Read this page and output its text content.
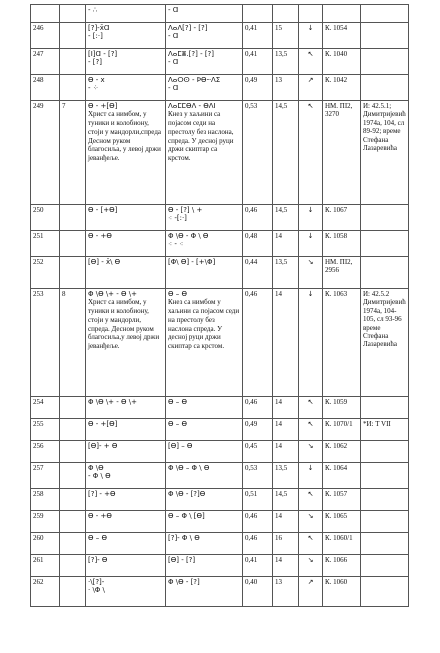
		- ∴	- Ɑ					

246		[?]-x̄Ɑ
- [:·]	ⴷⴰⴷ[?] - [?]
- Ɑ	0,41	15	↓	К. 1054	
247		[ⵏ]Ɑ - [?]
- [?]	ⴷⴰⵎⴻ.[?] - [?]
- Ɑ	0,41	13,5	↖	К. 1040	
248		ϴ - x
- ⁘	ⴷⴰⵔⵙ - ϷϴⵈΛⵉ
- Ɑ	0,49	13	↗	К. 1042	
249	7	ϴ - +[ϴ]
Христ са нимбом, у туники и колобиону, стоји у мандорли,спреда Десном руком благосиља, у левој држи јеванђеље.	ⴷⴰⵎⵎϴⴷ - ϴⴷⵏ
Кнез у хаљини са појасом седи на престолу без наслона, спреда. У десној руци држи скиптар са крстом.	0,53	14,5	↖	НМ. ПI2, 3270	И: 42.5.1; Димитријевић 1974а, 104, сл 89-92; време Стефана Лазаревића
250		ϴ - [+ϴ]	ϴ - [?] \ +
⁖ -[:·]	0,46	14,5	↓	К. 1067	
251		ϴ - +ϴ	Φ \ϴ - Φ \ ϴ
⁖ - ⁖	0,48	14	↓	К. 1058	
252		[ϴ] - x̄\ ϴ	[Φ\ ϴ] - [+\Φ]	0,44	13,5	↘	НМ. ПI2, 2956	
253	8	Φ \ϴ \+ - ϴ \+
Христ са нимбом, у туники и колобиону, стоји у мандорли, спреда. Десном руком благосиља,у левој држи јеванђеље.	ϴ – ϴ
Кнез са нимбом у хаљини са појасом седи на престолу без наслона спреда. У десној руци држи скиптар са крстом.	0,46	14	↓	К. 1063	И: 42.5.2 Димитријевић 1974а, 104-105, сл 93-96 време Стефана Лазаревића
254		Φ \ϴ \+ - ϴ \+	ϴ – ϴ	0,46	14	↖	К. 1059	
255		ϴ - +[ϴ]	ϴ – ϴ	0,49	14	↖	К. 1070/1	*И: T VII
256		[ϴ]- + ϴ	[ϴ] – ϴ	0,45	14	↘	К. 1062	
257		Φ \ϴ
- Φ \ ϴ	Φ \ϴ – Φ \ ϴ	0,53	13,5	↓	К. 1064	
258		[?] - +ϴ	Φ \ϴ - [?]ϴ	0,51	14,5	↖	К. 1057	
259		ϴ - +ϴ	ϴ – Φ \ [ϴ]	0,46	14	↘	К. 1065	
260		ϴ – ϴ	[?]- Φ \ ϴ	0,46	16	↖	К. 1060/1	
261		[?]- ϴ	[ϴ] - [?]	0,41	14	↘	К. 1066	
262		·\[?]-
· \Φ \	Φ \ϴ - [?]	0,40	13	↗	К. 1060	
